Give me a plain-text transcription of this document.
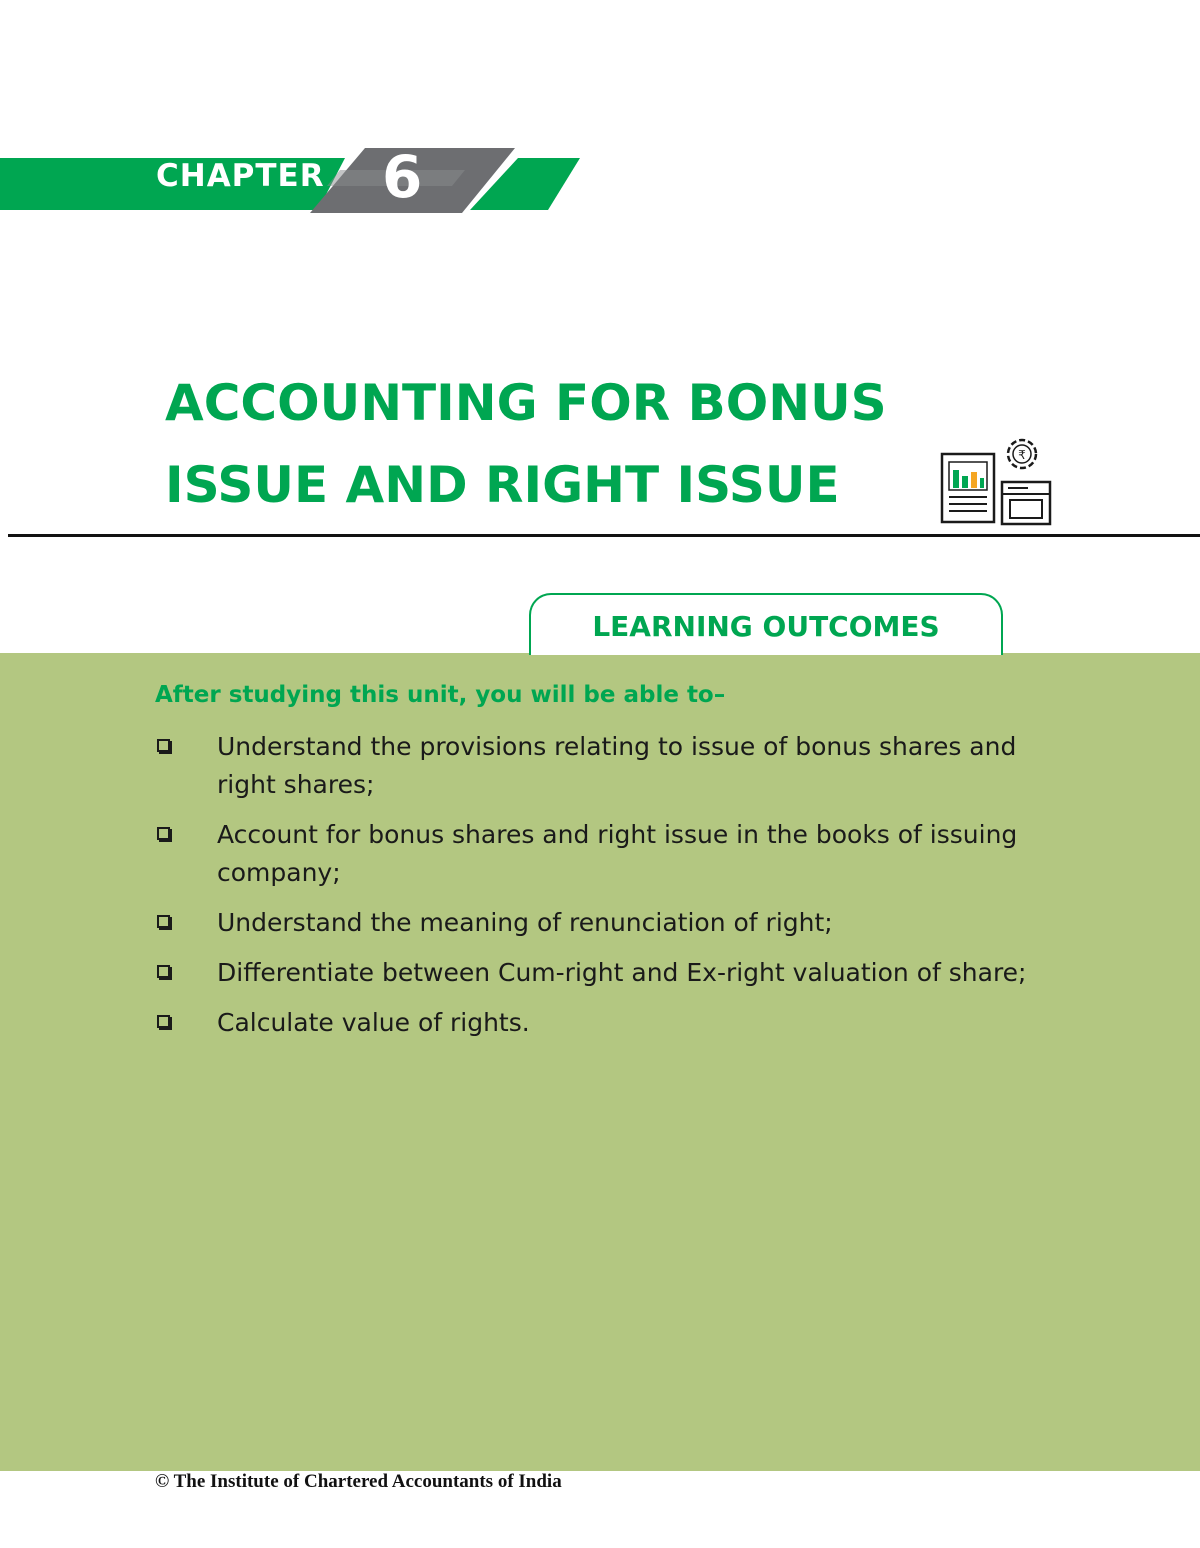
CHAPTER 6
ACCOUNTING FOR BONUS
ISSUE AND RIGHT ISSUE
₹
LEARNING OUTCOMES
After studying this unit, you will be able to–
Understand the provisions relating to issue of bonus shares and right shares;
Account for bonus shares and right issue in the books of issuing company;
Understand the meaning of renunciation of right;
Differentiate between Cum-right and Ex-right valuation of share;
Calculate value of rights.
© The Institute of Chartered Accountants of India
